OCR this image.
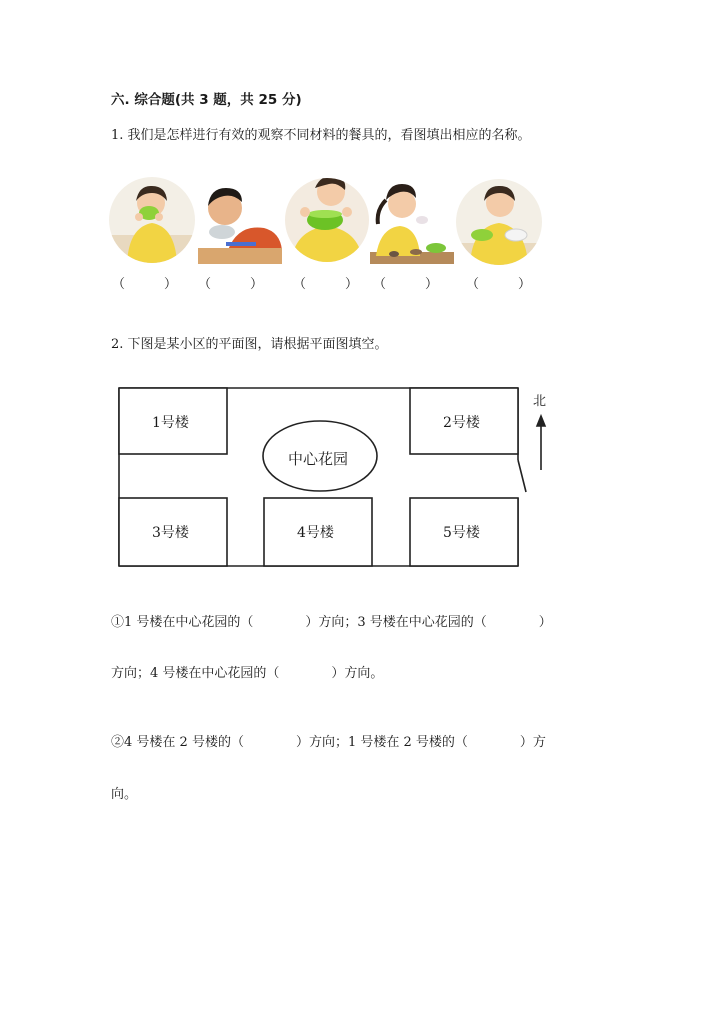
六. 综合题(共 3 题，共 25 分)
1. 我们是怎样进行有效的观察不同材料的餐具的，看图填出相应的名称。
（　　　） （　　　） （　　　） （　　　） （　　　）
2. 下图是某小区的平面图，请根据平面图填空。
1号楼	2号楼
3号楼	4号楼	5号楼
中心花园
北
①1 号楼在中心花园的（　　　　）方向；3 号楼在中心花园的（　　　　）
方向；4 号楼在中心花园的（　　　　）方向。
②4 号楼在 2 号楼的（　　　　）方向；1 号楼在 2 号楼的（　　　　）方
向。
